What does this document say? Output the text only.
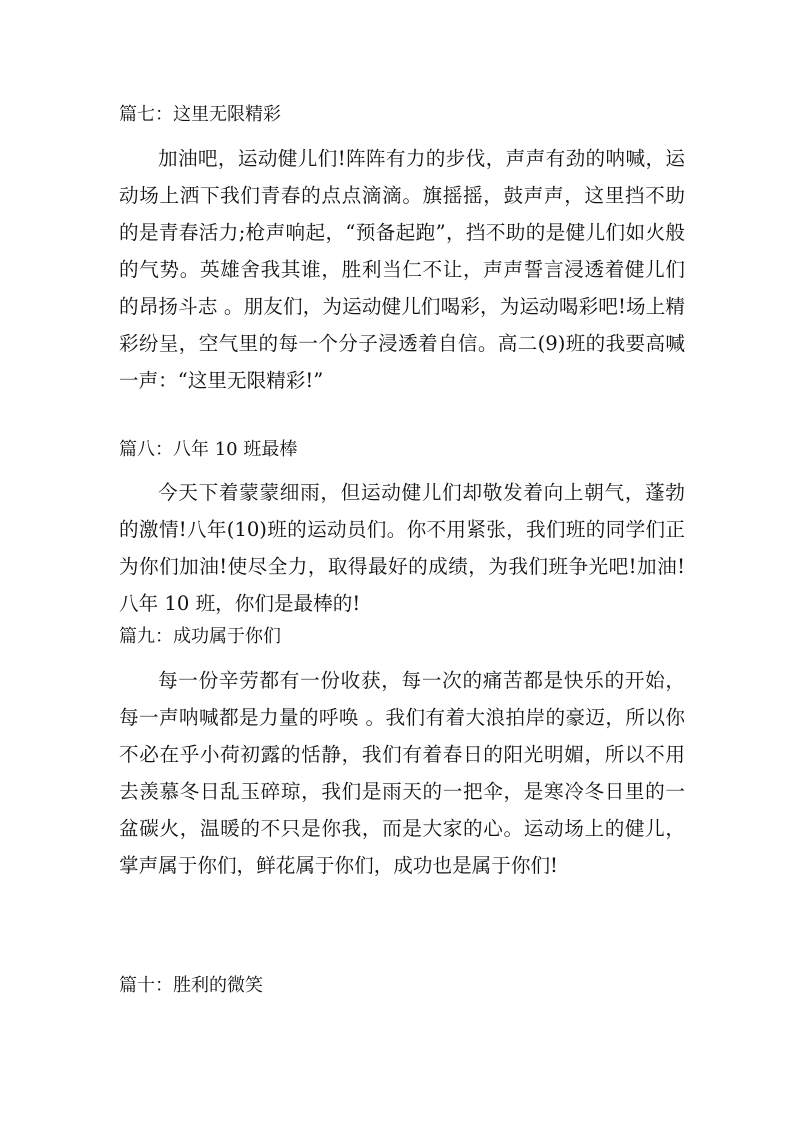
篇七：这里无限精彩
加油吧，运动健儿们!阵阵有力的步伐，声声有劲的呐喊，运动场上洒下我们青春的点点滴滴。旗摇摇，鼓声声，这里挡不助的是青春活力;枪声响起，“预备起跑”，挡不助的是健儿们如火般的气势。英雄舍我其谁，胜利当仁不让，声声誓言浸透着健儿们的昂扬斗志 。朋友们，为运动健儿们喝彩，为运动喝彩吧!场上精彩纷呈，空气里的每一个分子浸透着自信。高二(9)班的我要高喊一声：“这里无限精彩!”
篇八：八年 10 班最棒
今天下着蒙蒙细雨，但运动健儿们却敬发着向上朝气，蓬勃的激情!八年(10)班的运动员们。你不用紧张，我们班的同学们正为你们加油!使尽全力，取得最好的成绩，为我们班争光吧!加油!八年 10 班，你们是最棒的!
篇九：成功属于你们
每一份辛劳都有一份收获，每一次的痛苦都是快乐的开始，每一声呐喊都是力量的呼唤 。我们有着大浪拍岸的豪迈，所以你不必在乎小荷初露的恬静，我们有着春日的阳光明媚，所以不用去羡慕冬日乱玉碎琼，我们是雨天的一把伞，是寒冷冬日里的一盆碳火，温暖的不只是你我，而是大家的心。运动场上的健儿，掌声属于你们，鲜花属于你们，成功也是属于你们!
篇十：胜利的微笑
